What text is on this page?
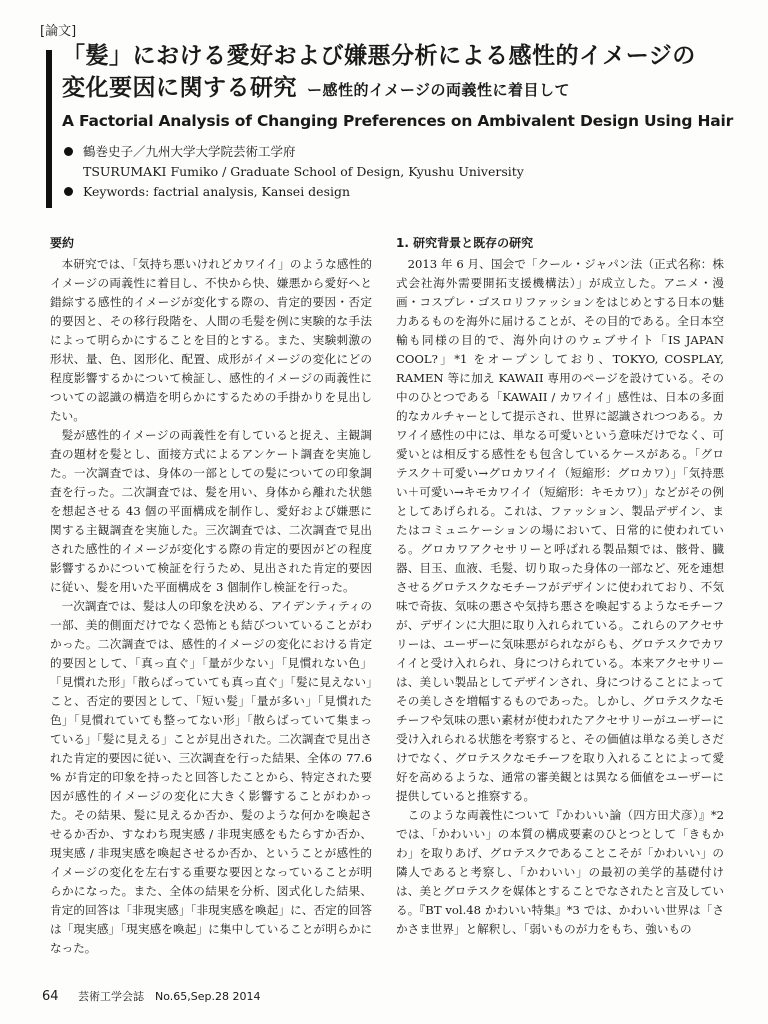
[論文]
「髪」における愛好および嫌悪分析による感性的イメージの
変化要因に関する研究 ー感性的イメージの両義性に着目して
A Factorial Analysis of Changing Preferences on Ambivalent Design Using Hair
鶴巻史子／九州大学大学院芸術工学府
TSURUMAKI Fumiko / Graduate School of Design, Kyushu University
Keywords: factrial analysis, Kansei design
要約

本研究では、「気持ち悪いけれどカワイイ」のような感性的イメージの両義性に着目し、不快から快、嫌悪から愛好へと錯綜する感性的イメージが変化する際の、肯定的要因・否定的要因と、その移行段階を、人間の毛髪を例に実験的な手法によって明らかにすることを目的とする。また、実験刺激の形状、量、色、図形化、配置、成形がイメージの変化にどの程度影響するかについて検証し、感性的イメージの両義性についての認識の構造を明らかにするための手掛かりを見出したい。

髪が感性的イメージの両義性を有していると捉え、主観調査の題材を髪とし、面接方式によるアンケート調査を実施した。一次調査では、身体の一部としての髪についての印象調査を行った。二次調査では、髪を用い、身体から離れた状態を想起させる 43 個の平面構成を制作し、愛好および嫌悪に関する主観調査を実施した。三次調査では、二次調査で見出された感性的イメージが変化する際の肯定的要因がどの程度影響するかについて検証を行うため、見出された肯定的要因に従い、髪を用いた平面構成を 3 個制作し検証を行った。

一次調査では、髪は人の印象を決める、アイデンティティの一部、美的側面だけでなく恐怖とも結びついていることがわかった。二次調査では、感性的イメージの変化における肯定的要因として、「真っ直ぐ」「量が少ない」「見慣れない色」「見慣れた形」「散らばっていても真っ直ぐ」「髪に見えない」こと、否定的要因として、「短い髪」「量が多い」「見慣れた色」「見慣れていても整ってない形」「散らばっていて集まっている」「髪に見える」ことが見出された。二次調査で見出された肯定的要因に従い、三次調査を行った結果、全体の 77.6 % が肯定的印象を持ったと回答したことから、特定された要因が感性的イメージの変化に大きく影響することがわかった。その結果、髪に見えるか否か、髪のような何かを喚起させるか否か、すなわち現実感 / 非現実感をもたらすか否か、現実感 / 非現実感を喚起させるか否か、ということが感性的イメージの変化を左右する重要な要因となっていることが明らかになった。また、全体の結果を分析、図式化した結果、肯定的回答は「非現実感」「非現実感を喚起」に、否定的回答は「現実感」「現実感を喚起」に集中していることが明らかになった。

1. 研究背景と既存の研究

2013 年 6 月、国会で「クール・ジャパン法（正式名称：株式会社海外需要開拓支援機構法）」が成立した。アニメ・漫画・コスプレ・ゴスロリファッションをはじめとする日本の魅力あるものを海外に届けることが、その目的である。全日本空輸も同様の目的で、海外向けのウェブサイト「IS JAPAN COOL?」*1 をオープンしており、TOKYO, COSPLAY, RAMEN 等に加え KAWAII 専用のページを設けている。その中のひとつである「KAWAII / カワイイ」感性は、日本の多面的なカルチャーとして提示され、世界に認識されつつある。カワイイ感性の中には、単なる可愛いという意味だけでなく、可愛いとは相反する感性をも包含しているケースがある。「グロテスク＋可愛い→グロカワイイ（短縮形：グロカワ）」「気持悪い＋可愛い→キモカワイイ（短縮形：キモカワ）」などがその例としてあげられる。これは、ファッション、製品デザイン、またはコミュニケーションの場において、日常的に使われている。グロカワアクセサリーと呼ばれる製品類では、骸骨、臓器、目玉、血液、毛髪、切り取った身体の一部など、死を連想させるグロテスクなモチーフがデザインに使われており、不気味で奇抜、気味の悪さや気持ち悪さを喚起するようなモチーフが、デザインに大胆に取り入れられている。これらのアクセサリーは、ユーザーに気味悪がられながらも、グロテスクでカワイイと受け入れられ、身につけられている。本来アクセサリーは、美しい製品としてデザインされ、身につけることによってその美しさを増幅するものであった。しかし、グロテスクなモチーフや気味の悪い素材が使われたアクセサリーがユーザーに受け入れられる状態を考察すると、その価値は単なる美しさだけでなく、グロテスクなモチーフを取り入れることによって愛好を高めるような、通常の審美観とは異なる価値をユーザーに提供していると推察する。

このような両義性について『かわいい論（四方田犬彦）』*2 では、「かわいい」の本質の構成要素のひとつとして「きもかわ」を取りあげ、グロテスクであることこそが「かわいい」の隣人であると考察し、「かわいい」の最初の美学的基礎付けは、美とグロテスクを媒体とすることでなされたと言及している。『BT vol.48 かわいい特集』*3 では、かわいい世界は「さかさま世界」と解釈し、「弱いものが力をもち、強いもの

64 芸術工学会誌　No.65,Sep.28 2014
